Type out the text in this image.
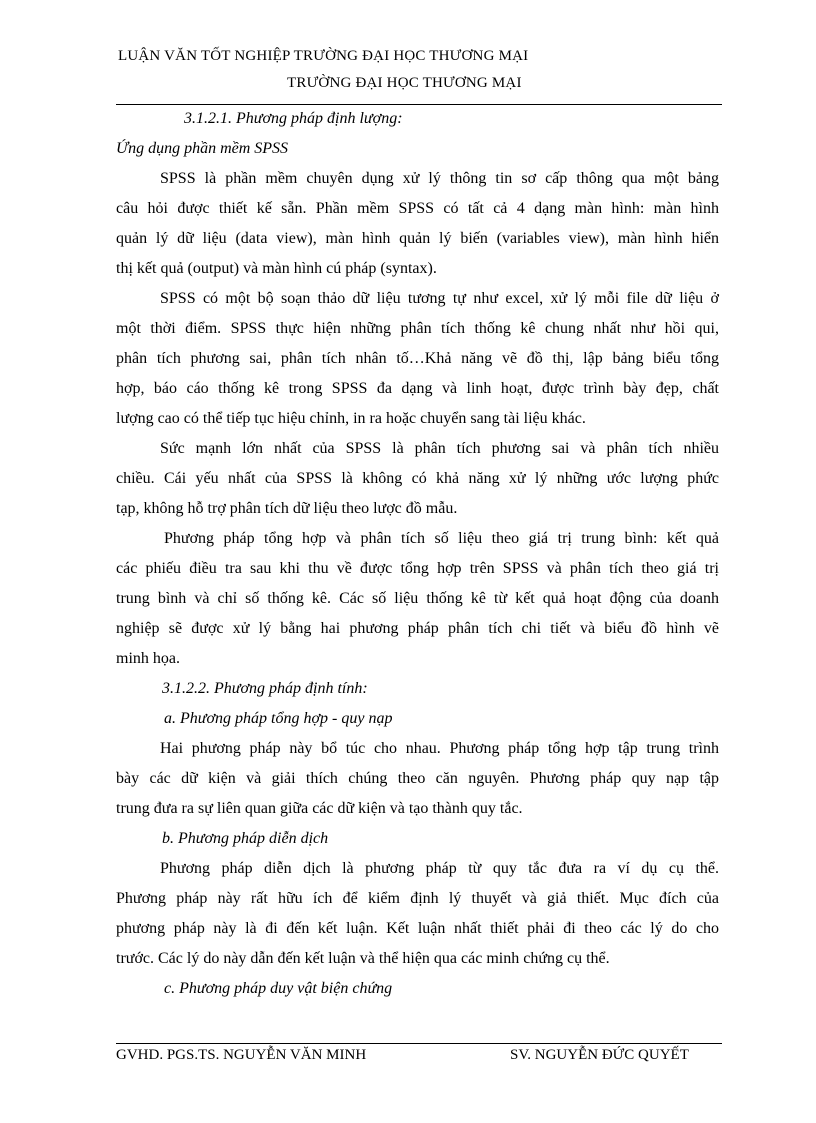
LUẬN VĂN TỐT NGHIỆP TRƯỜNG ĐẠI HỌC THƯƠNG MẠI
TRƯỜNG ĐẠI HỌC THƯƠNG MẠI
3.1.2.1. Phương pháp định lượng:
Ứng dụng phần mềm SPSS
SPSS là phần mềm chuyên dụng xử lý thông tin sơ cấp thông qua một bảng
câu hỏi được thiết kế sẵn. Phần mềm SPSS có tất cả 4 dạng màn hình: màn hình
quản lý dữ liệu (data view), màn hình quản lý biến (variables view), màn hình hiển
thị kết quả (output) và màn hình cú pháp (syntax).
SPSS có một bộ soạn thảo dữ liệu tương tự như excel, xử lý mỗi file dữ liệu ở
một thời điểm. SPSS thực hiện những phân tích thống kê chung nhất như hồi qui,
phân tích phương sai, phân tích nhân tố…Khả năng vẽ đồ thị, lập bảng biểu tổng
hợp, báo cáo thống kê trong SPSS đa dạng và linh hoạt, được trình bày đẹp, chất
lượng cao có thể tiếp tục hiệu chỉnh, in ra hoặc chuyển sang tài liệu khác.
Sức mạnh lớn nhất của SPSS là phân tích phương sai và phân tích nhiều
chiều. Cái yếu nhất của SPSS là không có khả năng xử lý những ước lượng phức
tạp, không hỗ trợ phân tích dữ liệu theo lược đồ mẫu.
Phương pháp tổng hợp và phân tích số liệu theo giá trị trung bình: kết quả
các phiếu điều tra sau khi thu về được tổng hợp trên SPSS và phân tích theo giá trị
trung bình và chỉ số thống kê. Các số liệu thống kê từ kết quả hoạt động của doanh
nghiệp sẽ được xử lý bằng hai phương pháp phân tích chi tiết và biểu đồ hình vẽ
minh họa.
3.1.2.2. Phương pháp định tính:
a. Phương pháp tổng hợp - quy nạp
Hai phương pháp này bổ túc cho nhau. Phương pháp tổng hợp tập trung trình
bày các dữ kiện và giải thích chúng theo căn nguyên. Phương pháp quy nạp tập
trung đưa ra sự liên quan giữa các dữ kiện và tạo thành quy tắc.
b. Phương pháp diễn dịch
Phương pháp diễn dịch là phương pháp từ quy tắc đưa ra ví dụ cụ thể.
Phương pháp này rất hữu ích để kiểm định lý thuyết và giả thiết. Mục đích của
phương pháp này là đi đến kết luận. Kết luận nhất thiết phải đi theo các lý do cho
trước. Các lý do này dẫn đến kết luận và thể hiện qua các minh chứng cụ thể.
c. Phương pháp duy vật biện chứng
GVHD. PGS.TS. NGUYỄN VĂN MINH	SV. NGUYỄN ĐỨC QUYẾT
